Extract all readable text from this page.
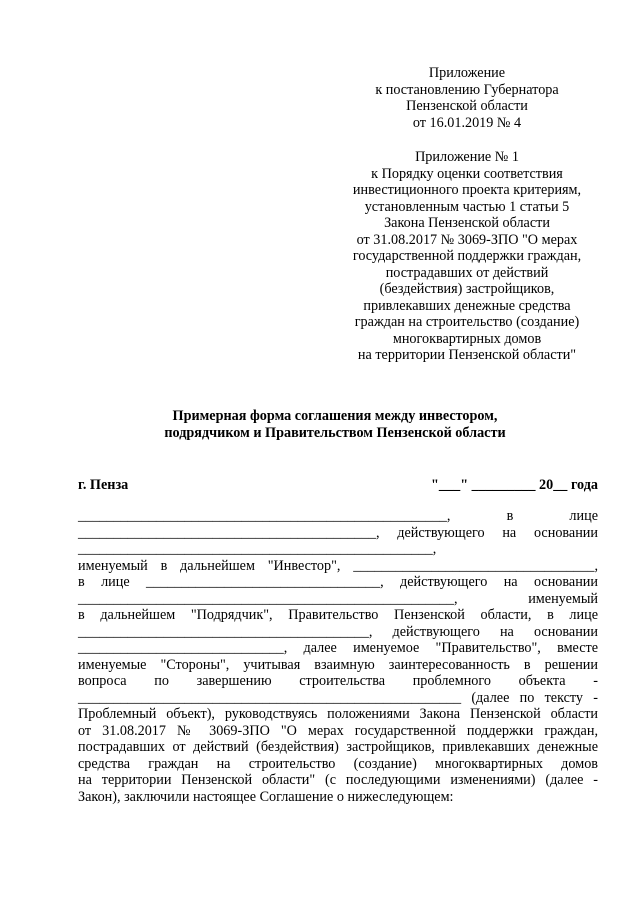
Приложение
к постановлению Губернатора
Пензенской области
от 16.01.2019 № 4
Приложение № 1
к Порядку оценки соответствия
инвестиционного проекта критериям,
установленным частью 1 статьи 5
Закона Пензенской области
от 31.08.2017 № 3069-ЗПО "О мерах
государственной поддержки граждан,
пострадавших от действий
(бездействия) застройщиков,
привлекавших денежные средства
граждан на строительство (создание)
многоквартирных домов
на территории Пензенской области"
Примерная форма соглашения между инвестором,
подрядчиком и Правительством Пензенской области
г. Пенза	"___" _________ 20__ года
____________________________________________________, в лице
__________________________________________, действующего на основании
__________________________________________________,
именуемый в дальнейшем "Инвестор", __________________________________,
в лице _________________________________, действующего на основании
_____________________________________________________, именуемый
в дальнейшем "Подрядчик", Правительство Пензенской области, в лице
_________________________________________, действующего на основании
_____________________________, далее именуемое "Правительство", вместе
именуемые "Стороны", учитывая взаимную заинтересованность в решении
вопроса по завершению строительства проблемного объекта -
______________________________________________________ (далее по тексту -
Проблемный объект), руководствуясь положениями Закона Пензенской области
от 31.08.2017 № 3069-ЗПО "О мерах государственной поддержки граждан,
пострадавших от действий (бездействия) застройщиков, привлекавших денежные
средства граждан на строительство (создание) многоквартирных домов
на территории Пензенской области" (с последующими изменениями) (далее -
Закон), заключили настоящее Соглашение о нижеследующем:
